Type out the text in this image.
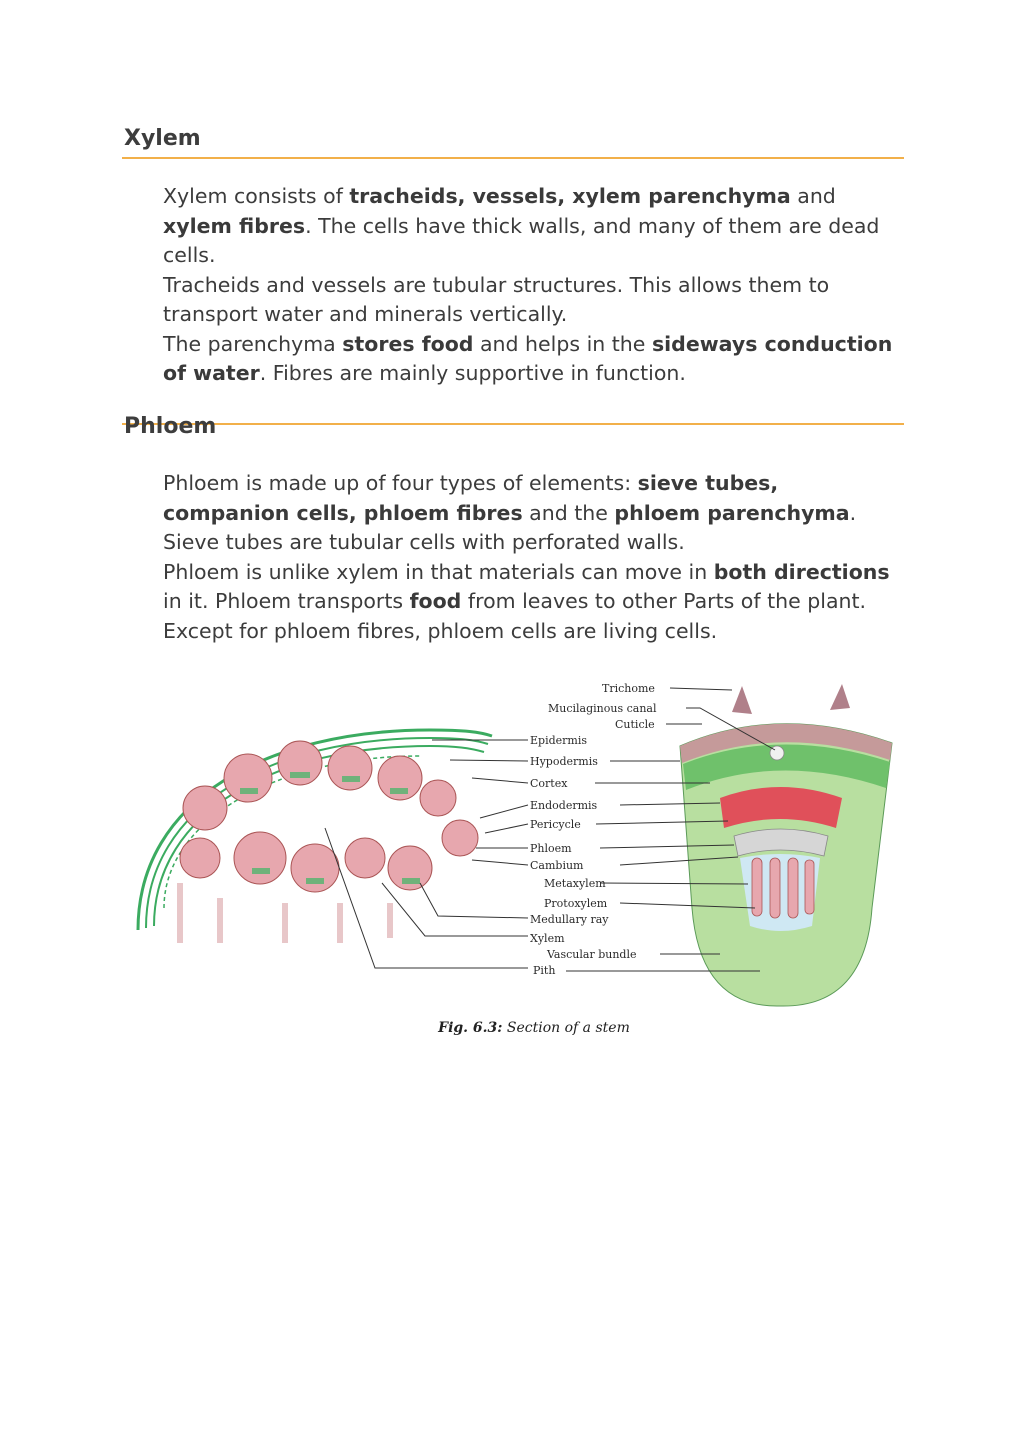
Xylem

Xylem consists of tracheids, vessels, xylem parenchyma and
xylem fibres. The cells have thick walls, and many of them are dead cells.

Tracheids and vessels are tubular structures. This allows them to transport water and minerals vertically.

The parenchyma stores food and helps in the sideways conduction of water. Fibres are mainly supportive in function.

Phloem

Phloem is made up of four types of elements: sieve tubes, companion cells, phloem fibres and the phloem parenchyma.

Sieve tubes are tubular cells with perforated walls.

Phloem is unlike xylem in that materials can move in both directions in it. Phloem transports food from leaves to other Parts of the plant.

Except for phloem fibres, phloem cells are living cells.

Trichome
Mucilaginous canal
Cuticle
Epidermis
Hypodermis
Cortex
Endodermis
Pericycle
Phloem
Cambium
Metaxylem
Protoxylem
Medullary ray
Xylem
Vascular bundle
Pith
Fig. 6.3: Section of a stem
